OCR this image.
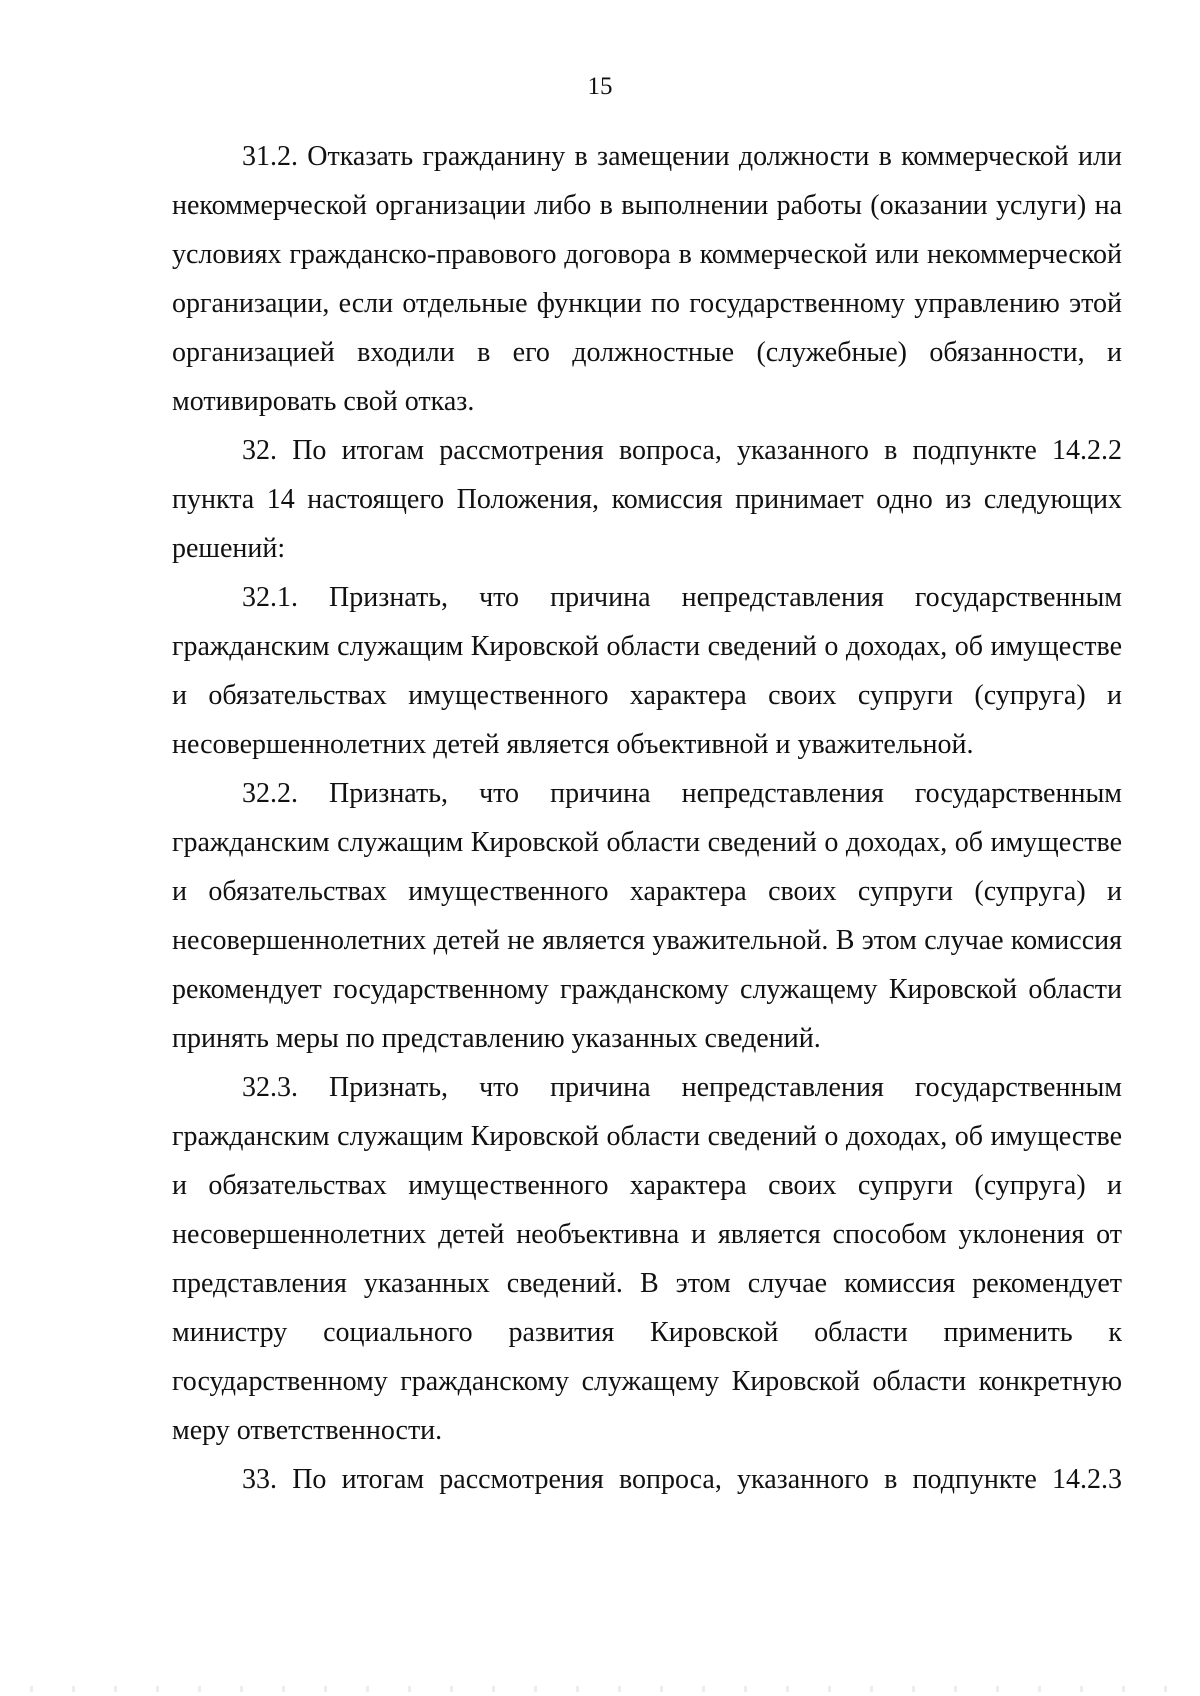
15

31.2. Отказать гражданину в замещении должности в коммерческой или некоммерческой организации либо в выполнении работы (оказании услуги) на условиях гражданско-правового договора в коммерческой или некоммерческой организации, если отдельные функции по государственному управлению этой организацией входили в его должностные (служебные) обязанности, и мотивировать свой отказ.

32. По итогам рассмотрения вопроса, указанного в подпункте 14.2.2 пункта 14 настоящего Положения, комиссия принимает одно из следующих решений:

32.1. Признать, что причина непредставления государственным гражданским служащим Кировской области сведений о доходах, об имуществе и обязательствах имущественного характера своих супруги (супруга) и несовершеннолетних детей является объективной и уважительной.

32.2. Признать, что причина непредставления государственным гражданским служащим Кировской области сведений о доходах, об имуществе и обязательствах имущественного характера своих супруги (супруга) и несовершеннолетних детей не является уважительной. В этом случае комиссия рекомендует государственному гражданскому служащему Кировской области принять меры по представлению указанных сведений.

32.3. Признать, что причина непредставления государственным гражданским служащим Кировской области сведений о доходах, об имуществе и обязательствах имущественного характера своих супруги (супруга) и несовершеннолетних детей необъективна и является способом уклонения от представления указанных сведений. В этом случае комиссия рекомендует министру социального развития Кировской области применить к государственному гражданскому служащему Кировской области конкретную меру ответственности.

33. По итогам рассмотрения вопроса, указанного в подпункте 14.2.3
